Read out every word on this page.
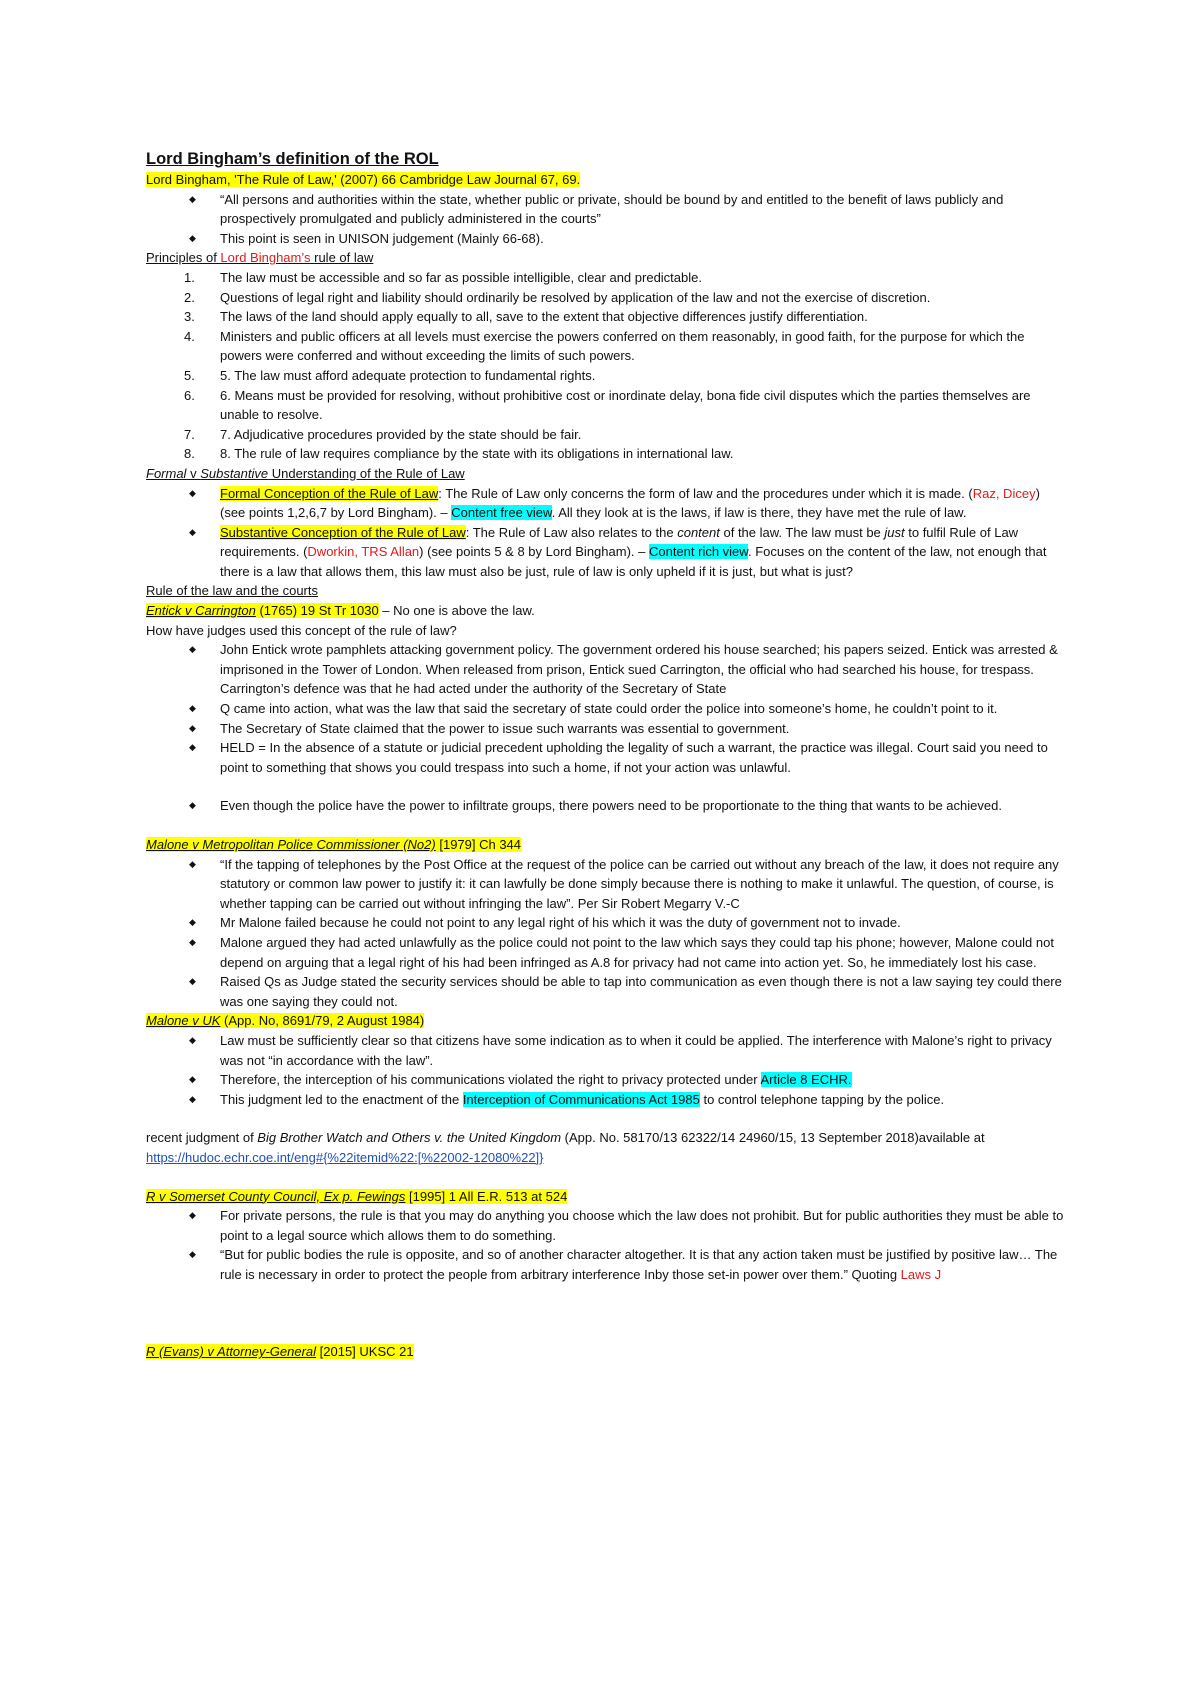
Lord Bingham’s definition of the ROL
Lord Bingham, 'The Rule of Law,' (2007) 66 Cambridge Law Journal 67, 69.
◆ “All persons and authorities within the state, whether public or private, should be bound by and entitled to the benefit of laws publicly and prospectively promulgated and publicly administered in the courts”
◆ This point is seen in UNISON judgement (Mainly 66-68).
Principles of Lord Bingham’s rule of law
1. The law must be accessible and so far as possible intelligible, clear and predictable.
2. Questions of legal right and liability should ordinarily be resolved by application of the law and not the exercise of discretion.
3. The laws of the land should apply equally to all, save to the extent that objective differences justify differentiation.
4. Ministers and public officers at all levels must exercise the powers conferred on them reasonably, in good faith, for the purpose for which the powers were conferred and without exceeding the limits of such powers.
5. 5. The law must afford adequate protection to fundamental rights.
6. 6. Means must be provided for resolving, without prohibitive cost or inordinate delay, bona fide civil disputes which the parties themselves are unable to resolve.
7. 7. Adjudicative procedures provided by the state should be fair.
8. 8. The rule of law requires compliance by the state with its obligations in international law.
Formal v Substantive Understanding of the Rule of Law
◆ Formal Conception of the Rule of Law: The Rule of Law only concerns the form of law and the procedures under which it is made. (Raz, Dicey) (see points 1,2,6,7 by Lord Bingham). – Content free view. All they look at is the laws, if law is there, they have met the rule of law.
◆ Substantive Conception of the Rule of Law: The Rule of Law also relates to the content of the law. The law must be just to fulfil Rule of Law requirements. (Dworkin, TRS Allan) (see points 5 & 8 by Lord Bingham). – Content rich view. Focuses on the content of the law, not enough that there is a law that allows them, this law must also be just, rule of law is only upheld if it is just, but what is just?
Rule of the law and the courts
Entick v Carrington (1765) 19 St Tr 1030 – No one is above the law.
How have judges used this concept of the rule of law?
◆ John Entick wrote pamphlets attacking government policy. The government ordered his house searched; his papers seized. Entick was arrested & imprisoned in the Tower of London. When released from prison, Entick sued Carrington, the official who had searched his house, for trespass. Carrington’s defence was that he had acted under the authority of the Secretary of State
◆ Q came into action, what was the law that said the secretary of state could order the police into someone’s home, he couldn’t point to it.
◆ The Secretary of State claimed that the power to issue such warrants was essential to government.
◆ HELD = In the absence of a statute or judicial precedent upholding the legality of such a warrant, the practice was illegal. Court said you need to point to something that shows you could trespass into such a home, if not your action was unlawful.
◆ Even though the police have the power to infiltrate groups, there powers need to be proportionate to the thing that wants to be achieved.
Malone v Metropolitan Police Commissioner (No2) [1979] Ch 344
◆ “If the tapping of telephones by the Post Office at the request of the police can be carried out without any breach of the law, it does not require any statutory or common law power to justify it: it can lawfully be done simply because there is nothing to make it unlawful. The question, of course, is whether tapping can be carried out without infringing the law”. Per Sir Robert Megarry V.-C
◆ Mr Malone failed because he could not point to any legal right of his which it was the duty of government not to invade.
◆ Malone argued they had acted unlawfully as the police could not point to the law which says they could tap his phone; however, Malone could not depend on arguing that a legal right of his had been infringed as A.8 for privacy had not came into action yet. So, he immediately lost his case.
◆ Raised Qs as Judge stated the security services should be able to tap into communication as even though there is not a law saying tey could there was one saying they could not.
Malone v UK (App. No, 8691/79, 2 August 1984)
◆ Law must be sufficiently clear so that citizens have some indication as to when it could be applied. The interference with Malone’s right to privacy was not “in accordance with the law”.
◆ Therefore, the interception of his communications violated the right to privacy protected under Article 8 ECHR.
◆ This judgment led to the enactment of the Interception of Communications Act 1985 to control telephone tapping by the police.
recent judgment of Big Brother Watch and Others v. the United Kingdom (App. No. 58170/13 62322/14 24960/15, 13 September 2018)available at https://hudoc.echr.coe.int/eng#{%22itemid%22:[%22002-12080%22]}
R v Somerset County Council, Ex p. Fewings [1995] 1 All E.R. 513 at 524
◆ For private persons, the rule is that you may do anything you choose which the law does not prohibit. But for public authorities they must be able to point to a legal source which allows them to do something.
◆ “But for public bodies the rule is opposite, and so of another character altogether. It is that any action taken must be justified by positive law… The rule is necessary in order to protect the people from arbitrary interference Inby those set-in power over them.” Quoting Laws J
R (Evans) v Attorney-General [2015] UKSC 21
